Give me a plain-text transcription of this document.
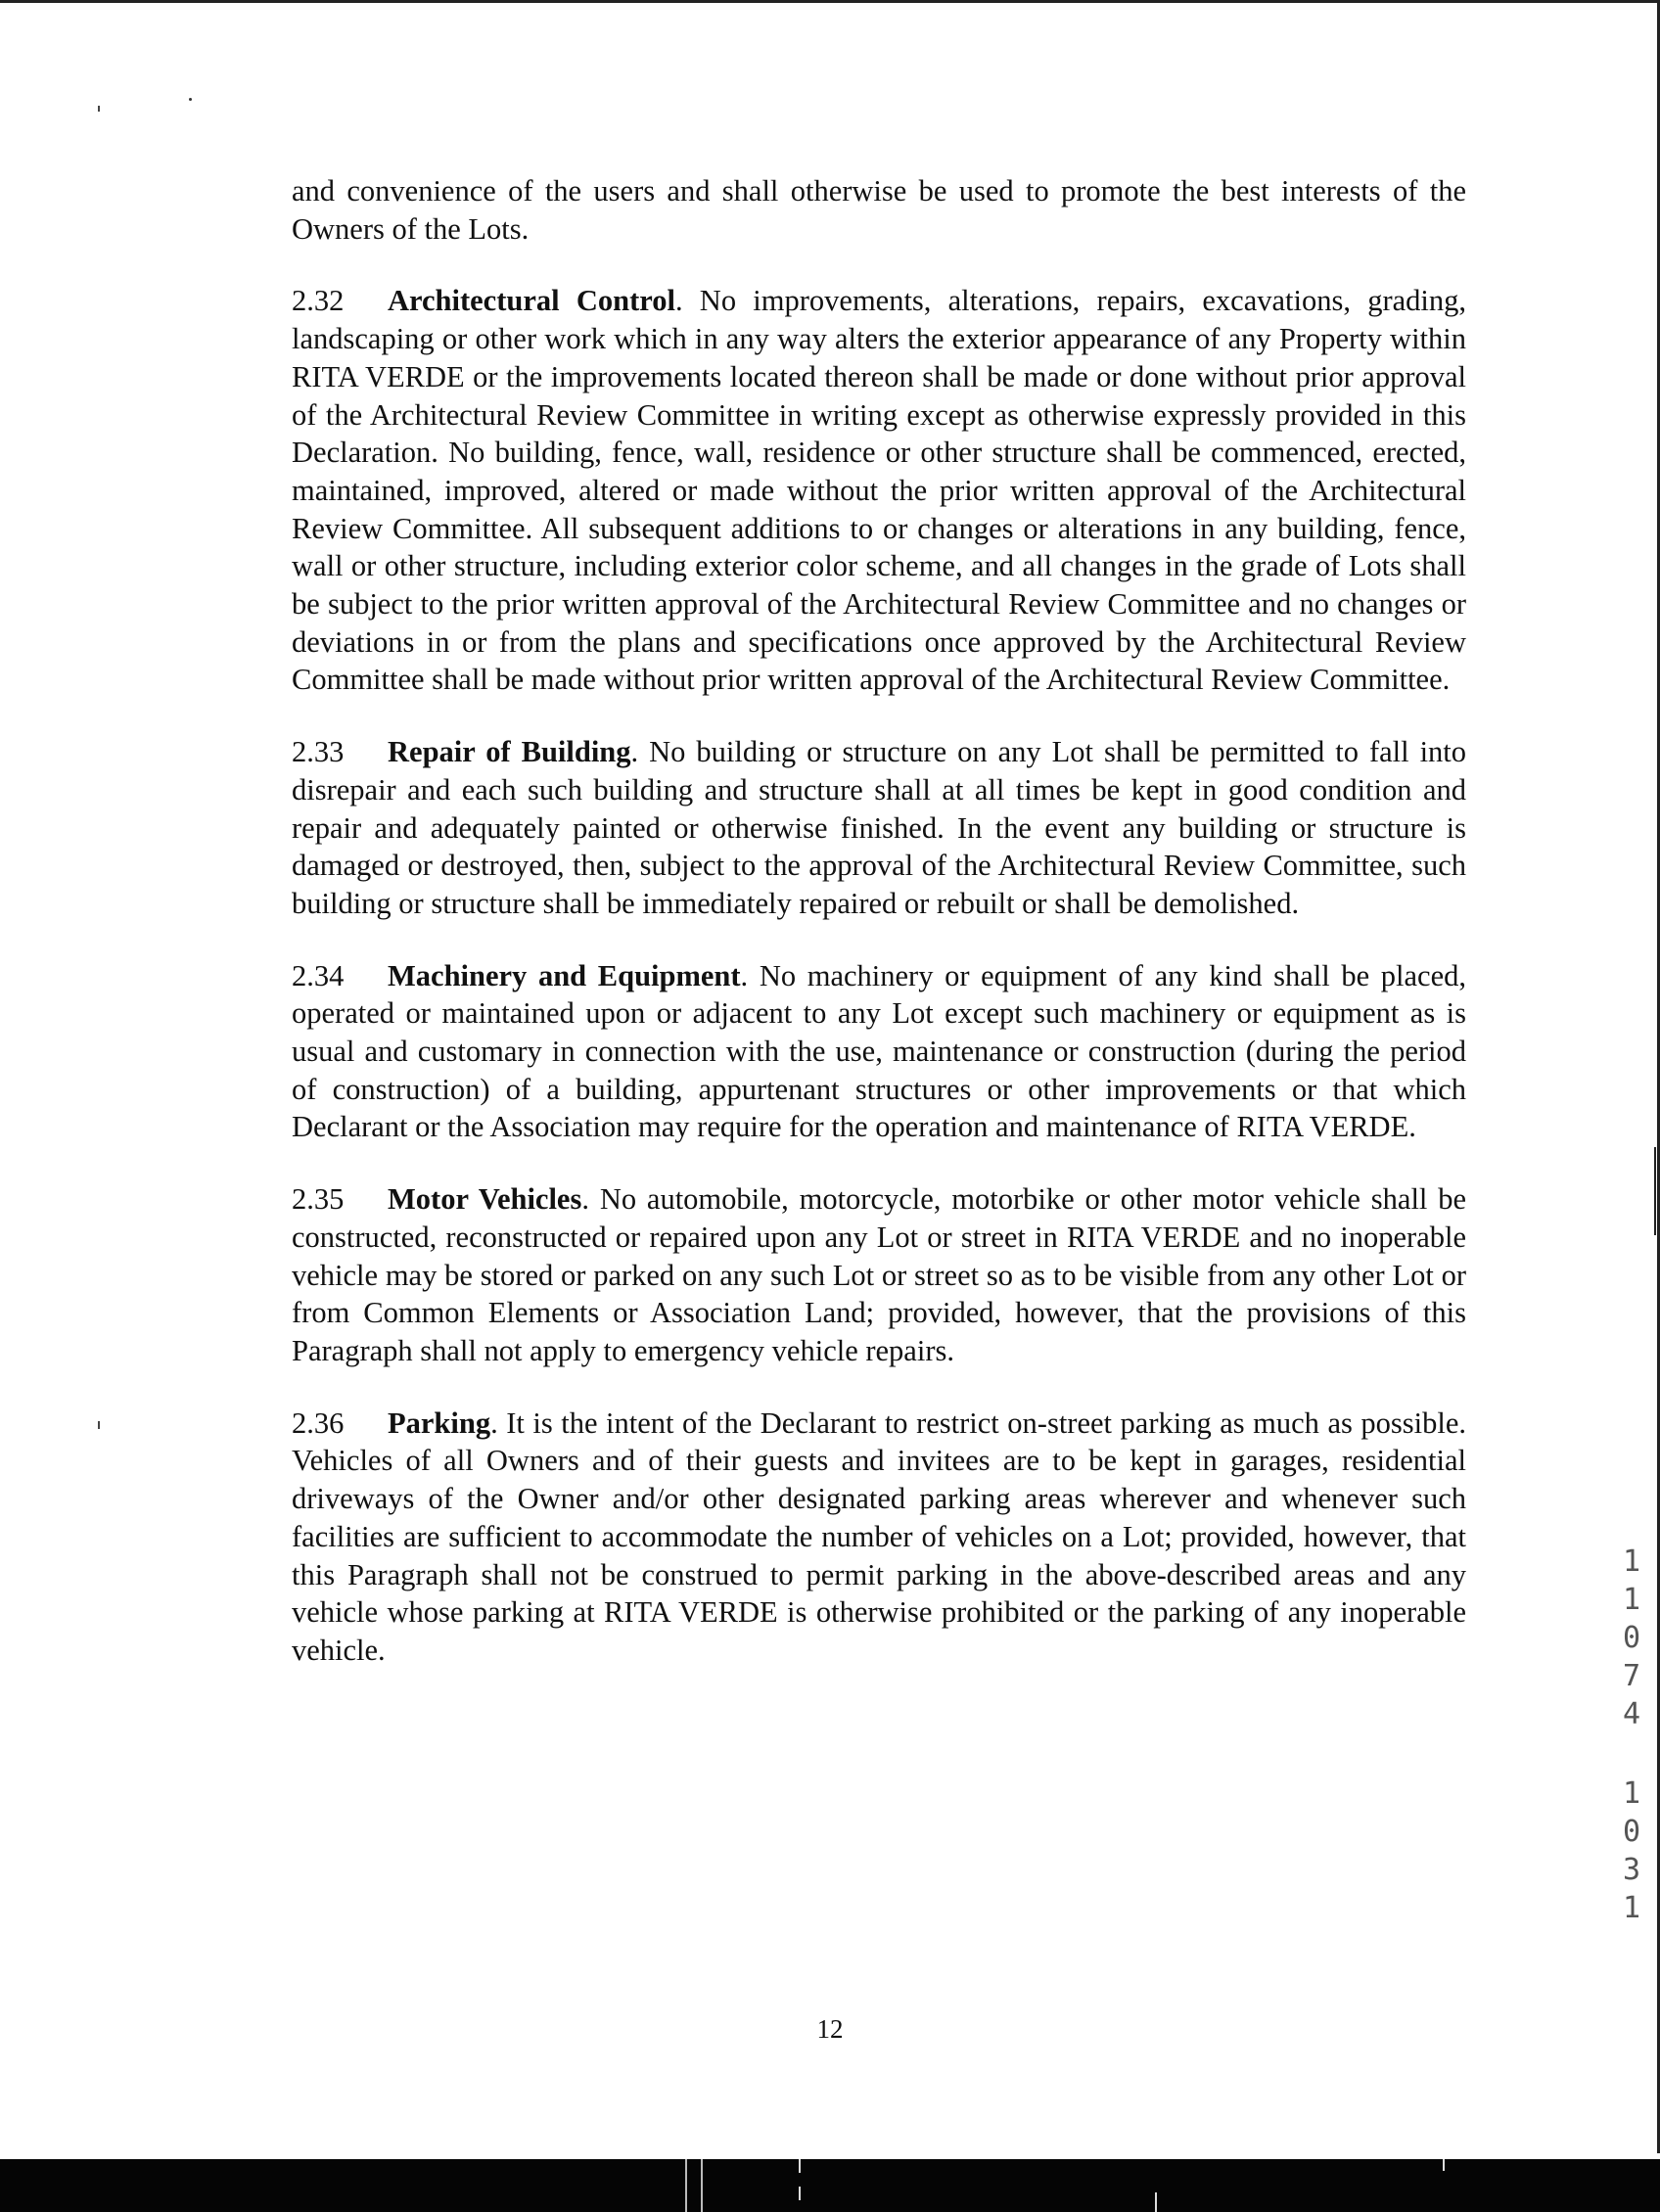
and convenience of the users and shall otherwise be used to promote the best interests of the Owners of the Lots.

2.32 Architectural Control. No improvements, alterations, repairs, excavations, grading, landscaping or other work which in any way alters the exterior appearance of any Property within RITA VERDE or the improvements located thereon shall be made or done without prior approval of the Architectural Review Committee in writing except as otherwise expressly provided in this Declaration. No building, fence, wall, residence or other structure shall be commenced, erected, maintained, improved, altered or made without the prior written approval of the Architectural Review Committee. All subsequent additions to or changes or alterations in any building, fence, wall or other structure, including exterior color scheme, and all changes in the grade of Lots shall be subject to the prior written approval of the Architectural Review Committee and no changes or deviations in or from the plans and specifications once approved by the Architectural Review Committee shall be made without prior written approval of the Architectural Review Committee.

2.33 Repair of Building. No building or structure on any Lot shall be permitted to fall into disrepair and each such building and structure shall at all times be kept in good condition and repair and adequately painted or otherwise finished. In the event any building or structure is damaged or destroyed, then, subject to the approval of the Architectural Review Committee, such building or structure shall be immediately repaired or rebuilt or shall be demolished.

2.34 Machinery and Equipment. No machinery or equipment of any kind shall be placed, operated or maintained upon or adjacent to any Lot except such machinery or equipment as is usual and customary in connection with the use, maintenance or construction (during the period of construction) of a building, appurtenant structures or other improvements or that which Declarant or the Association may require for the operation and maintenance of RITA VERDE.

2.35 Motor Vehicles. No automobile, motorcycle, motorbike or other motor vehicle shall be constructed, reconstructed or repaired upon any Lot or street in RITA VERDE and no inoperable vehicle may be stored or parked on any such Lot or street so as to be visible from any other Lot or from Common Elements or Association Land; provided, however, that the provisions of this Paragraph shall not apply to emergency vehicle repairs.

2.36 Parking. It is the intent of the Declarant to restrict on-street parking as much as possible. Vehicles of all Owners and of their guests and invitees are to be kept in garages, residential driveways of the Owner and/or other designated parking areas wherever and whenever such facilities are sufficient to accommodate the number of vehicles on a Lot; provided, however, that this Paragraph shall not be construed to permit parking in the above-described areas and any vehicle whose parking at RITA VERDE is otherwise prohibited or the parking of any inoperable vehicle.

1
1
0
7
4
1
0
3
1
12
